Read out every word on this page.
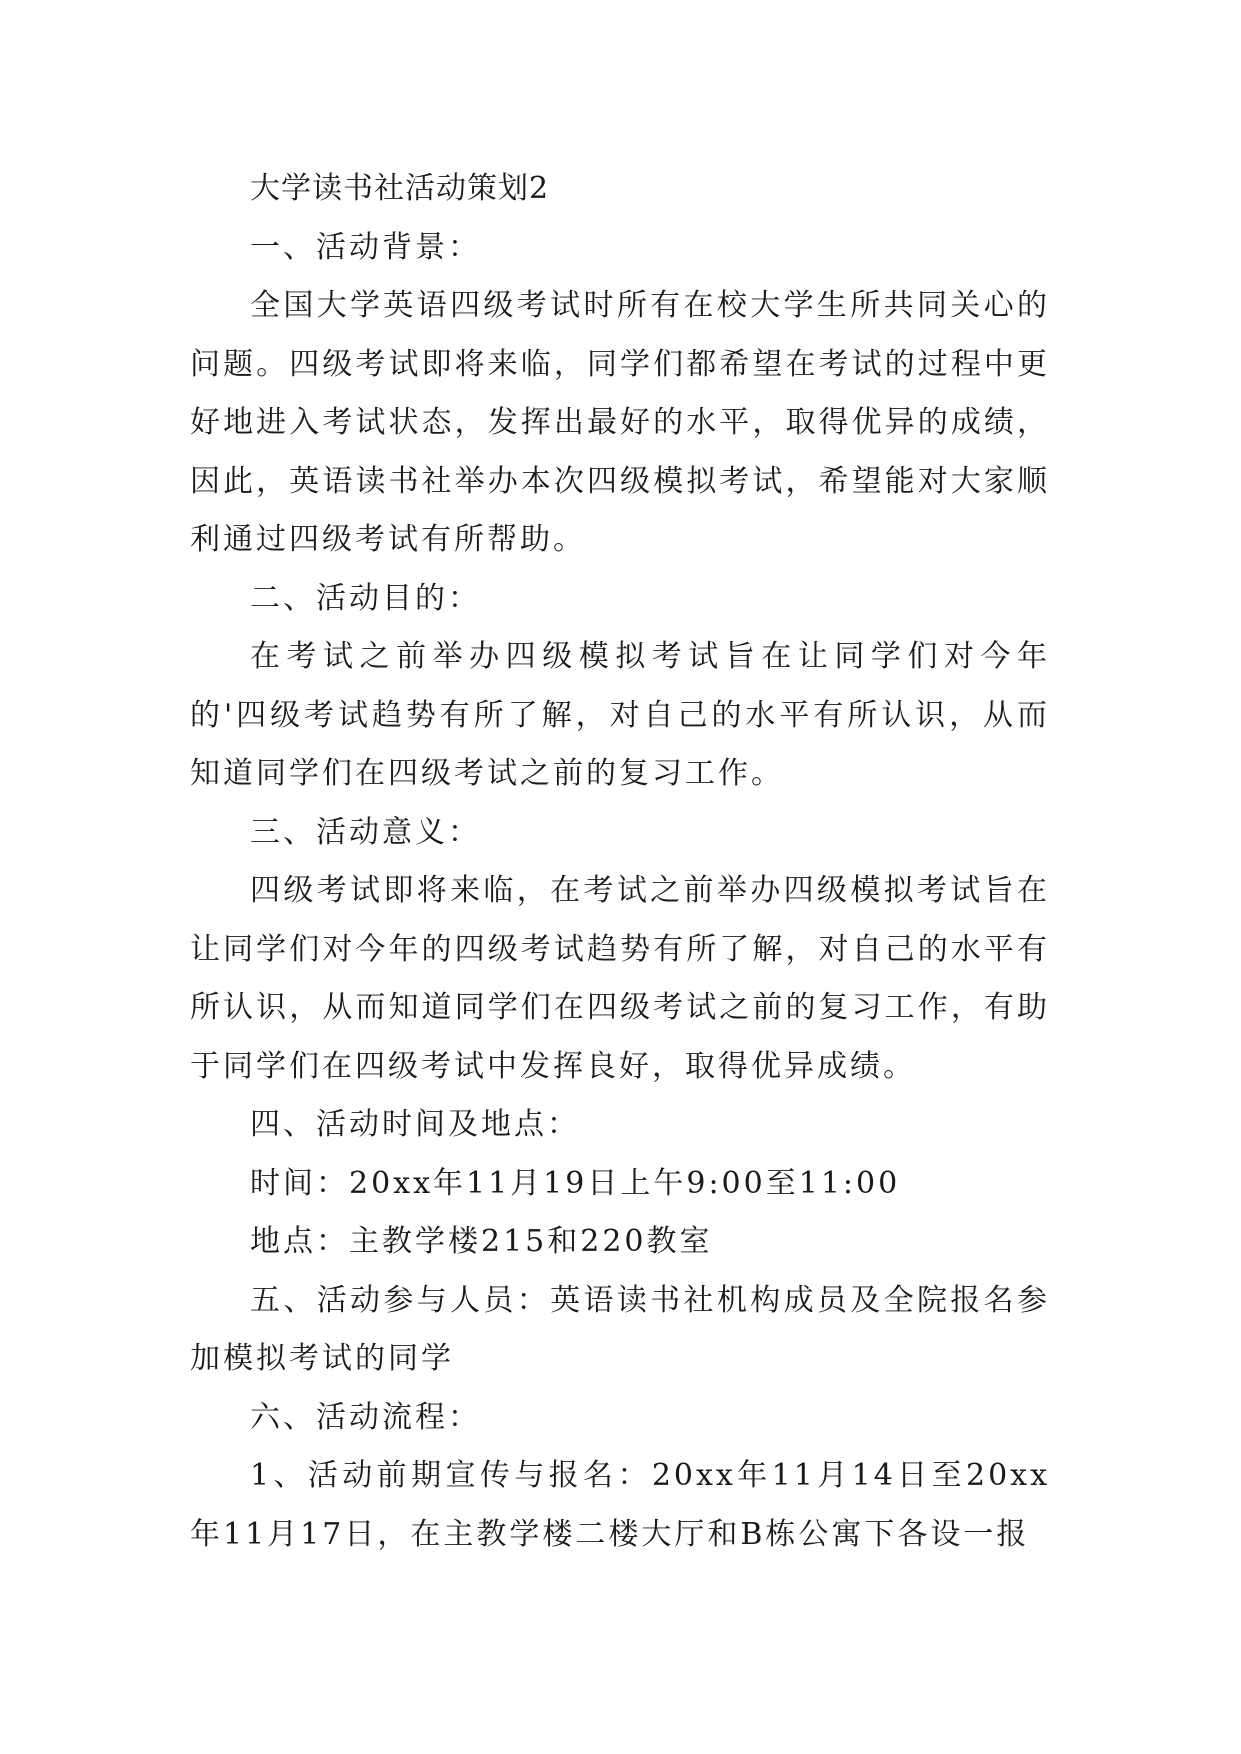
大学读书社活动策划2

一、活动背景：

全国大学英语四级考试时所有在校大学生所共同关心的问题。四级考试即将来临，同学们都希望在考试的过程中更好地进入考试状态，发挥出最好的水平，取得优异的成绩，因此，英语读书社举办本次四级模拟考试，希望能对大家顺利通过四级考试有所帮助。

二、活动目的：

在考试之前举办四级模拟考试旨在让同学们对今年的'四级考试趋势有所了解，对自己的水平有所认识，从而知道同学们在四级考试之前的复习工作。

三、活动意义：

四级考试即将来临，在考试之前举办四级模拟考试旨在让同学们对今年的四级考试趋势有所了解，对自己的水平有所认识，从而知道同学们在四级考试之前的复习工作，有助于同学们在四级考试中发挥良好，取得优异成绩。

四、活动时间及地点：

时间：20xx年11月19日上午9:00至11:00

地点：主教学楼215和220教室

五、活动参与人员：英语读书社机构成员及全院报名参加模拟考试的同学

六、活动流程：

1、活动前期宣传与报名：20xx年11月14日至20xx年11月17日，在主教学楼二楼大厅和B栋公寓下各设一报
